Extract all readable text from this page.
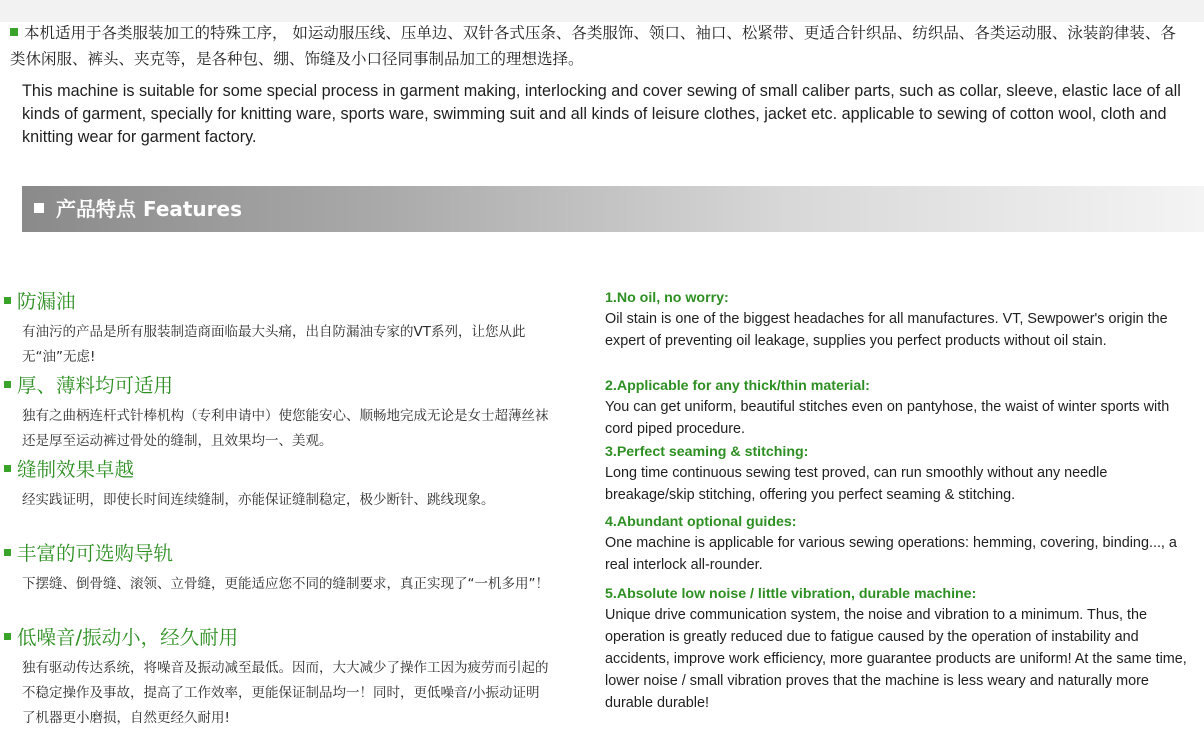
本机适用于各类服装加工的特殊工序， 如运动服压线、压单边、双针各式压条、各类服饰、领口、袖口、松紧带、更适合针织品、纺织品、各类运动服、泳装韵律装、各类休闲服、裤头、夹克等，是各种包、绷、饰缝及小口径同事制品加工的理想选择。
This machine is suitable for some special process in garment making, interlocking and cover sewing of small caliber parts, such as collar, sleeve, elastic lace of all kinds of garment, specially for knitting ware, sports ware, swimming suit and all kinds of leisure clothes, jacket etc. applicable to sewing of cotton wool, cloth and knitting wear for garment factory.
产品特点 Features
防漏油
有油污的产品是所有服装制造商面临最大头痛，出自防漏油专家的VT系列，让您从此无“油”无虑!
厚、薄料均可适用
独有之曲柄连杆式针棒机构（专利申请中）使您能安心、顺畅地完成无论是女士超薄丝袜还是厚至运动裤过骨处的缝制，且效果均一、美观。
缝制效果卓越
经实践证明，即使长时间连续缝制，亦能保证缝制稳定，极少断针、跳线现象。
丰富的可选购导轨
下摆缝、倒骨缝、滚领、立骨缝，更能适应您不同的缝制要求，真正实现了“一机多用”！
低噪音/振动小，经久耐用
独有驱动传达系统，将噪音及振动减至最低。因而，大大减少了操作工因为疲劳而引起的不稳定操作及事故，提高了工作效率，更能保证制品均一！同时，更低噪音/小振动证明了机器更小磨损，自然更经久耐用!
1.No oil, no worry:
Oil stain is one of the biggest headaches for all manufactures. VT, Sewpower's origin the expert of preventing oil leakage, supplies you perfect products without oil stain.
2.Applicable for any thick/thin material:
You can get uniform, beautiful stitches even on pantyhose, the waist of winter sports with cord piped procedure.
3.Perfect seaming & stitching:
Long time continuous sewing test proved, can run smoothly without any needle breakage/skip stitching, offering you perfect seaming & stitching.
4.Abundant optional guides:
One machine is applicable for various sewing operations: hemming, covering, binding..., a real interlock all-rounder.
5.Absolute low noise / little vibration, durable machine:
Unique drive communication system, the noise and vibration to a minimum. Thus, the operation is greatly reduced due to fatigue caused by the operation of instability and accidents, improve work efficiency, more guarantee products are uniform! At the same time, lower noise / small vibration proves that the machine is less weary and naturally more durable durable!
